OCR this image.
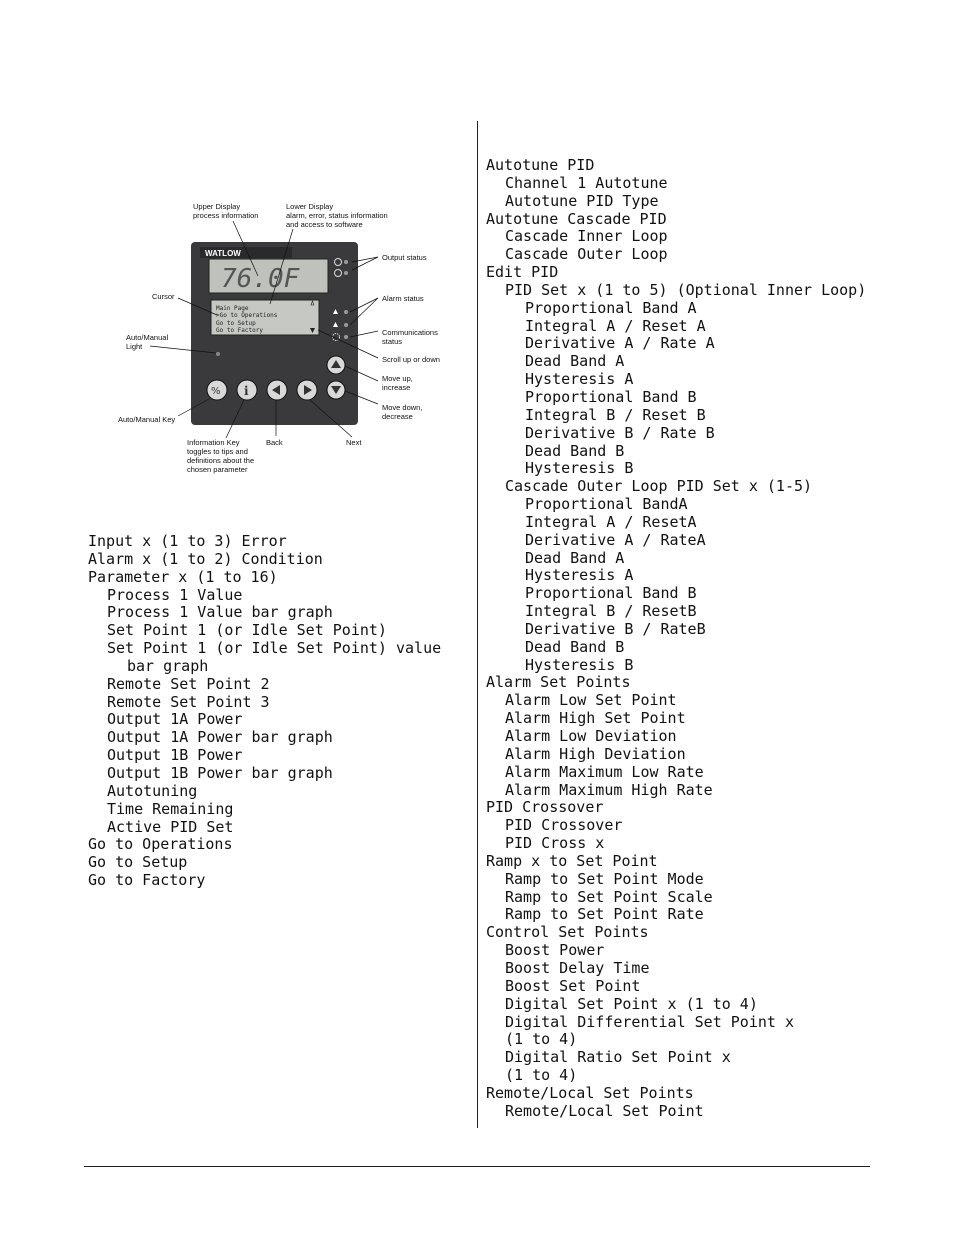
WATLOW
76.0F
Main Page >Go to Operations Go to Setup Go to Factory
% i
Upper Display
process information
Lower Display
alarm, error, status information
and access to software
Output status
Cursor	Alarm status
Auto/Manual
Light
Communications
status
Scroll up or down
Move up,
increase
Move down,
decrease
Auto/Manual Key
Information Key
toggles to tips and
definitions about the
chosen parameter
Back	Next
Input x (1 to 3) Error
Alarm x (1 to 2) Condition
Parameter x (1 to 16)
Process 1 Value
Process 1 Value bar graph
Set Point 1 (or Idle Set Point)
Set Point 1 (or Idle Set Point) value
bar graph
Remote Set Point 2
Remote Set Point 3
Output 1A Power
Output 1A Power bar graph
Output 1B Power
Output 1B Power bar graph
Autotuning
Time Remaining
Active PID Set
Go to Operations
Go to Setup
Go to Factory
Autotune PID
Channel 1 Autotune
Autotune PID Type
Autotune Cascade PID
Cascade Inner Loop
Cascade Outer Loop
Edit PID
PID Set x (1 to 5) (Optional Inner Loop)
Proportional Band A
Integral A / Reset A
Derivative A / Rate A
Dead Band A
Hysteresis A
Proportional Band B
Integral B / Reset B
Derivative B / Rate B
Dead Band B
Hysteresis B
Cascade Outer Loop PID Set x (1-5)
Proportional BandA
Integral A / ResetA
Derivative A / RateA
Dead Band A
Hysteresis A
Proportional Band B
Integral B / ResetB
Derivative B / RateB
Dead Band B
Hysteresis B
Alarm Set Points
Alarm Low Set Point
Alarm High Set Point
Alarm Low Deviation
Alarm High Deviation
Alarm Maximum Low Rate
Alarm Maximum High Rate
PID Crossover
PID Crossover
PID Cross x
Ramp x to Set Point
Ramp to Set Point Mode
Ramp to Set Point Scale
Ramp to Set Point Rate
Control Set Points
Boost Power
Boost Delay Time
Boost Set Point
Digital Set Point x (1 to 4)
Digital Differential Set Point x
(1 to 4)
Digital Ratio Set Point x
(1 to 4)
Remote/Local Set Points
Remote/Local Set Point
